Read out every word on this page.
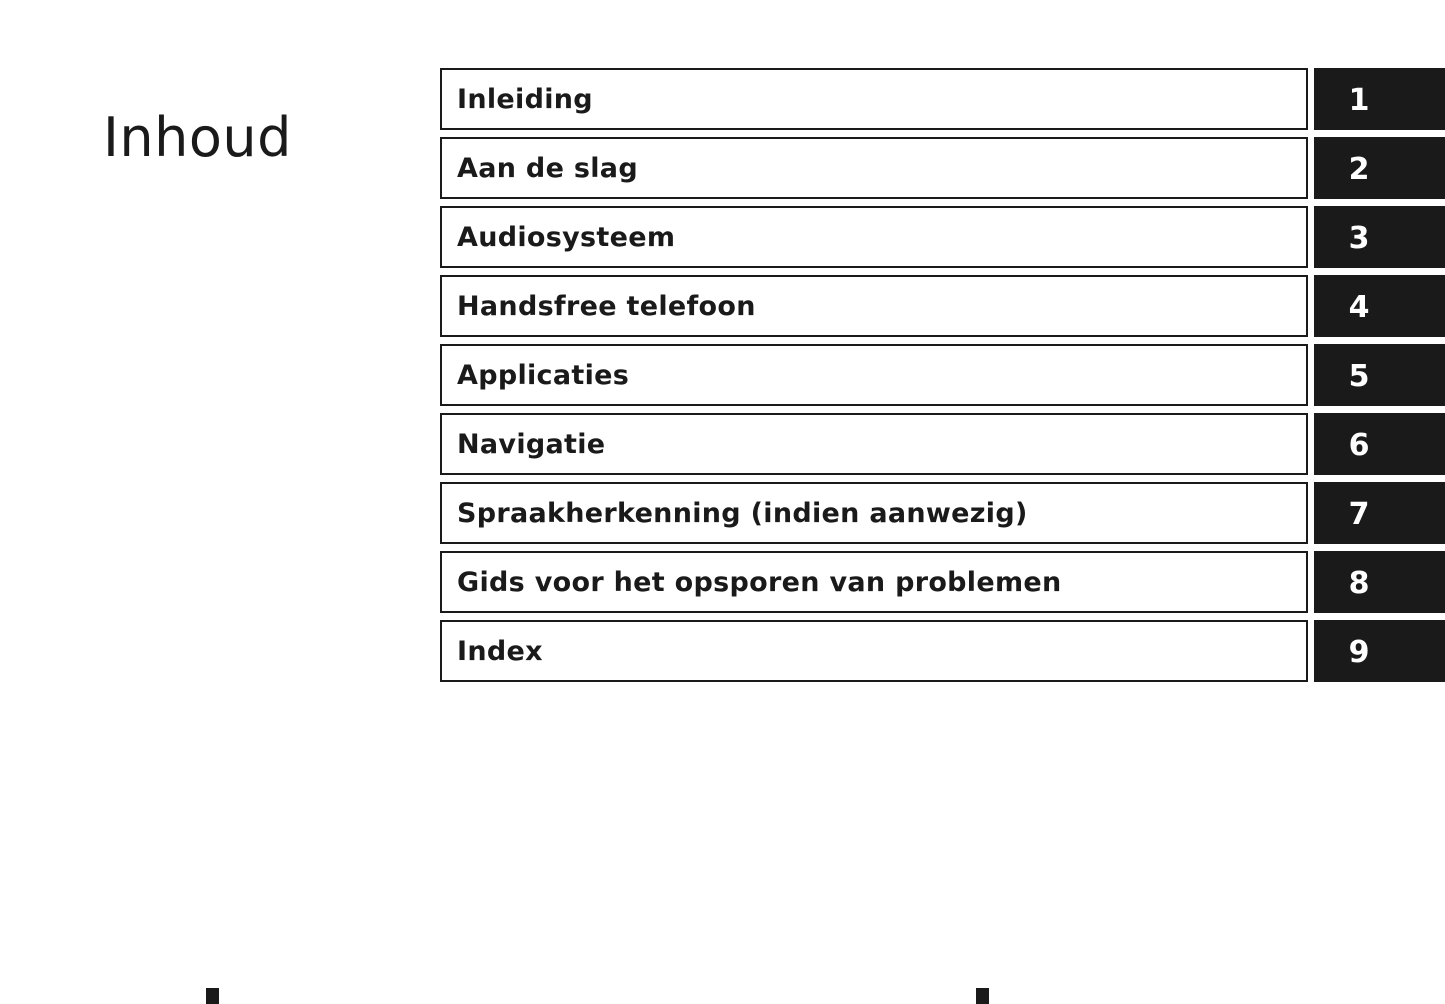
Inhoud
Inleiding	1
Aan de slag	2
Audiosysteem	3
Handsfree telefoon	4
Applicaties	5
Navigatie	6
Spraakherkenning (indien aanwezig)	7
Gids voor het opsporen van problemen	8
Index	9
